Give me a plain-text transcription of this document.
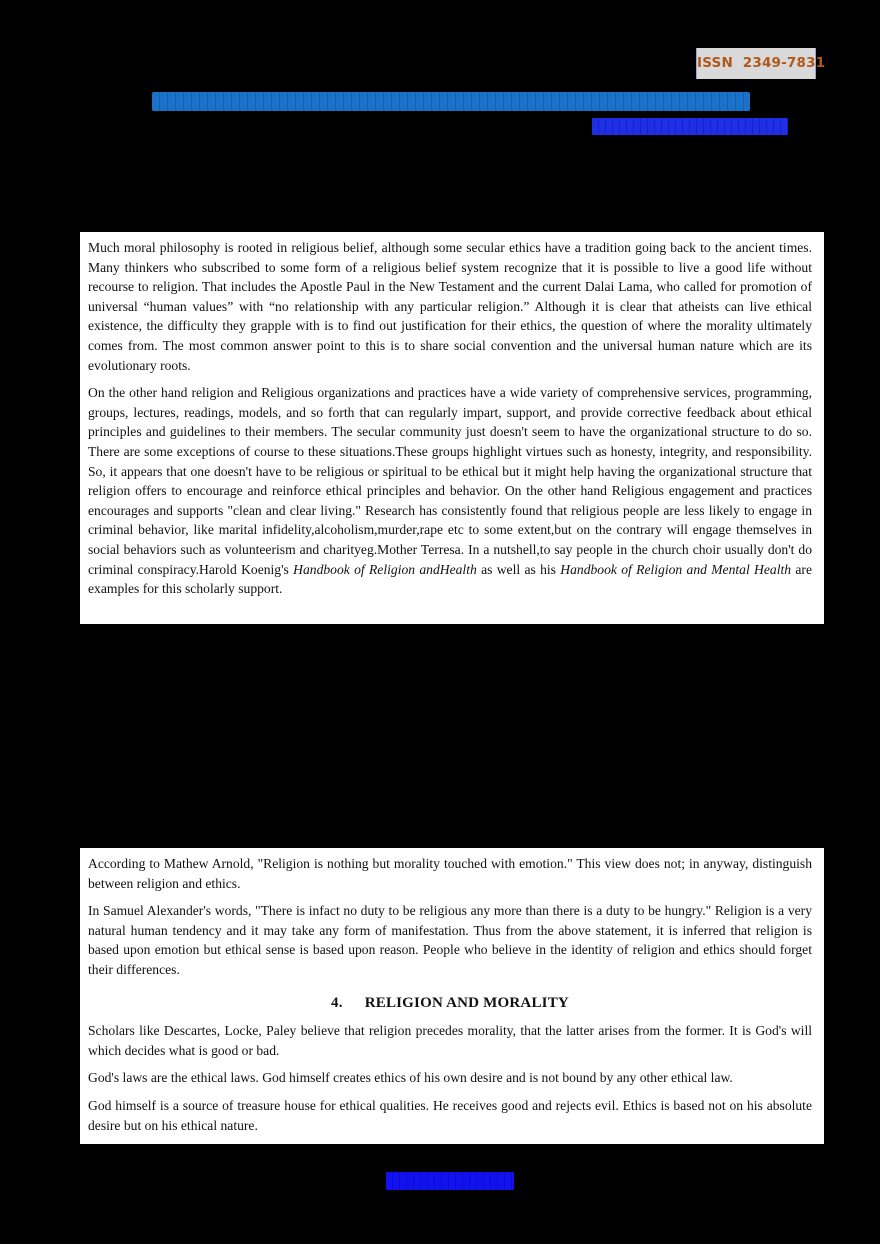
ISSN  2349-7831

Much moral philosophy is rooted in religious belief, although some secular ethics have a tradition going back to the ancient times. Many thinkers who subscribed to some form of a religious belief system recognize that it is possible to live a good life without recourse to religion. That includes the Apostle Paul in the New Testament and the current Dalai Lama, who called for promotion of universal “human values” with “no relationship with any particular religion.” Although it is clear that atheists can live ethical existence, the difficulty they grapple with is to find out justification for their ethics, the question of where the morality ultimately comes from. The most common answer point to this is to share social convention and the universal human nature which are its evolutionary roots.

On the other hand religion and Religious organizations and practices have a wide variety of comprehensive services, programming, groups, lectures, readings, models, and so forth that can regularly impart, support, and provide corrective feedback about ethical principles and guidelines to their members. The secular community just doesn't seem to have the organizational structure to do so. There are some exceptions of course to these situations.These groups highlight virtues such as honesty, integrity, and responsibility. So, it appears that one doesn't have to be religious or spiritual to be ethical but it might help having the organizational structure that religion offers to encourage and reinforce ethical principles and behavior. On the other hand Religious engagement and practices encourages and supports "clean and clear living." Research has consistently found that religious people are less likely to engage in criminal behavior, like marital infidelity,alcoholism,murder,rape etc to some extent,but on the contrary will engage themselves in social behaviors such as volunteerism and charityeg.Mother Terresa. In a nutshell,to say people in the church choir usually don't do criminal conspiracy.Harold Koenig's Handbook of Religion andHealth as well as his Handbook of Religion and Mental Health are examples for this scholarly support.

According to Mathew Arnold, "Religion is nothing but morality touched with emotion." This view does not; in anyway, distinguish between religion and ethics.

In Samuel Alexander's words, "There is infact no duty to be religious any more than there is a duty to be hungry." Religion is a very natural human tendency and it may take any form of manifestation. Thus from the above statement, it is inferred that religion is based upon emotion but ethical sense is based upon reason. People who believe in the identity of religion and ethics should forget their differences.

4. RELIGION AND MORALITY

Scholars like Descartes, Locke, Paley believe that religion precedes morality, that the latter arises from the former. It is God's will which decides what is good or bad.

God's laws are the ethical laws. God himself creates ethics of his own desire and is not bound by any other ethical law.

God himself is a source of treasure house for ethical qualities. He receives good and rejects evil. Ethics is based not on his absolute desire but on his ethical nature.
